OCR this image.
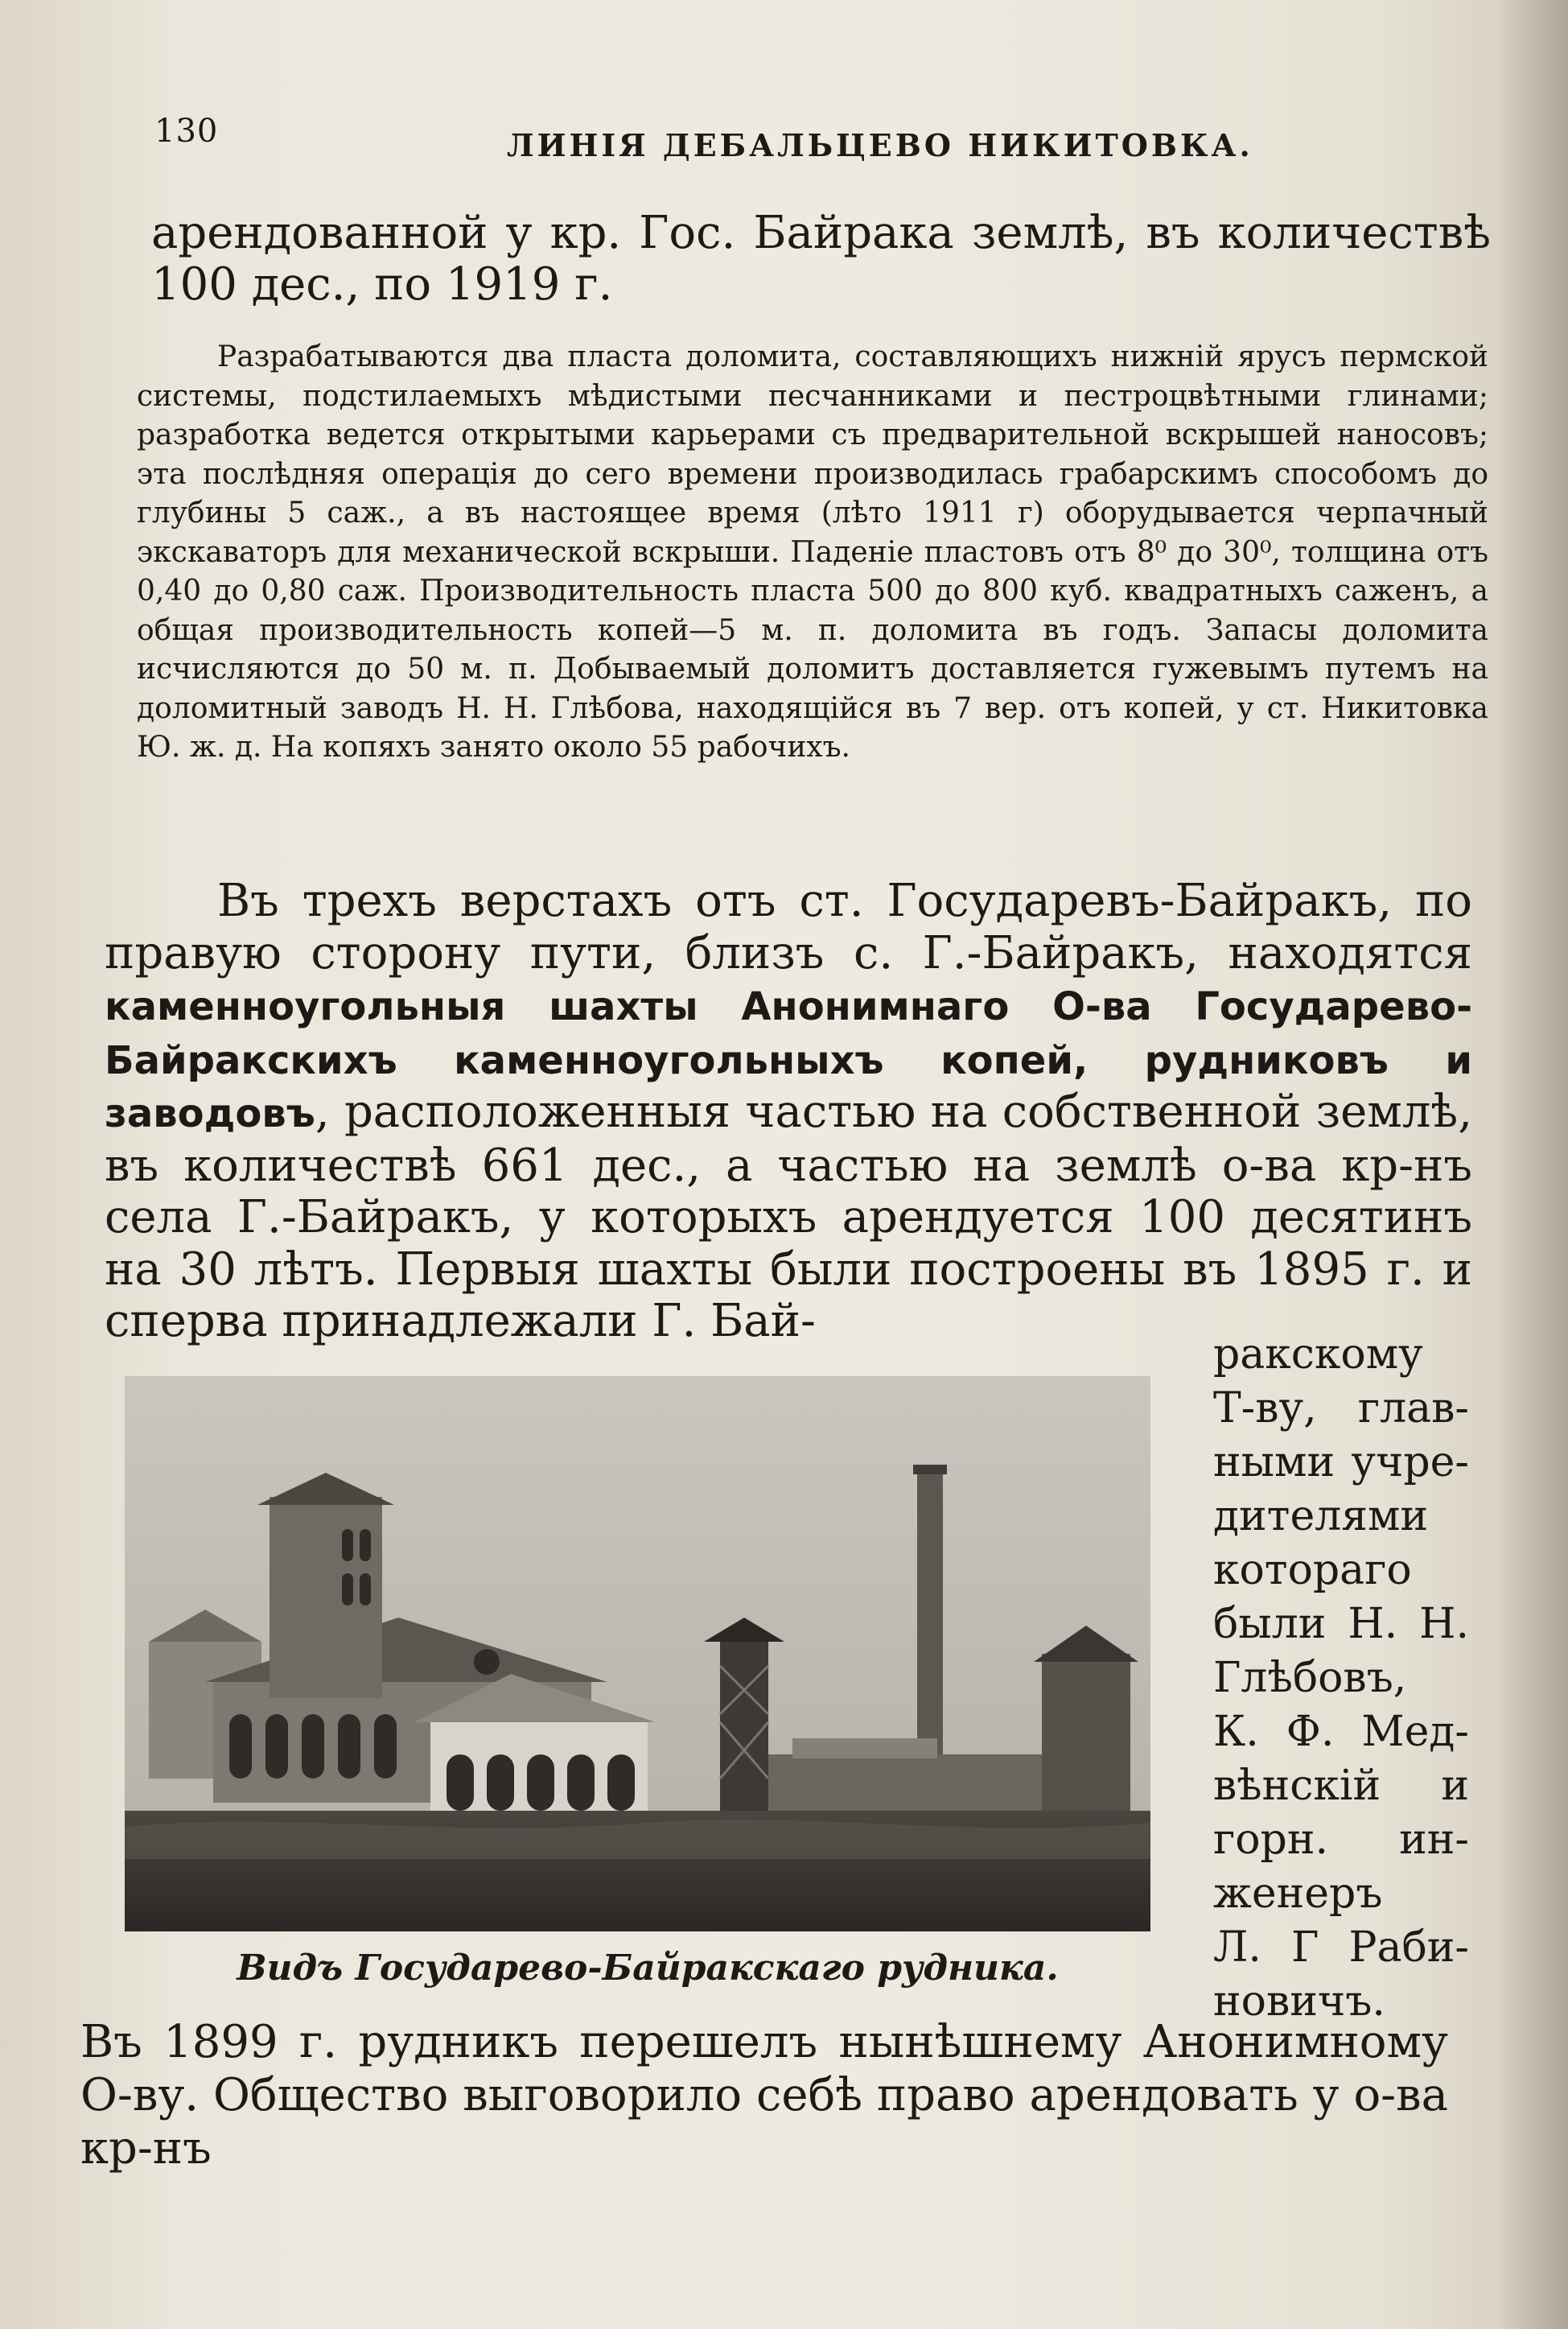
130	ЛИНІЯ ДЕБАЛЬЦЕВО НИКИТОВКА.

арендованной у кр. Гос. Байрака землѣ, въ количествѣ 100 дес., по 1919 г.

Разрабатываются два пласта доломита, составляющихъ нижній ярусъ пермской системы, подстилаемыхъ мѣдистыми песчанниками и пестроцвѣтными глинами; разработка ведется открытыми карьерами съ предварительной вскрышей наносовъ; эта послѣдняя операція до сего времени производилась грабарскимъ способомъ до глубины 5 саж., а въ настоящее время (лѣто 1911 г) оборудывается черпачный экскаваторъ для механической вскрыши. Паденіе пластовъ отъ 8⁰ до 30⁰, толщина отъ 0,40 до 0,80 саж. Производительность пласта 500 до 800 куб. квадратныхъ саженъ, а общая производительность копей—5 м. п. доломита въ годъ. Запасы доломита исчисляются до 50 м. п. Добываемый доломитъ доставляется гужевымъ путемъ на доломитный заводъ Н. Н. Глѣбова, находящійся въ 7 вер. отъ копей, у ст. Никитовка Ю. ж. д. На копяхъ занято около 55 рабочихъ.

Въ трехъ верстахъ отъ ст. Государевъ-Байракъ, по правую сторону пути, близъ с. Г.-Байракъ, находятся каменноугольныя шахты Анонимнаго О-ва Государево-Байракскихъ каменноугольныхъ копей, рудниковъ и заводовъ, расположенныя частью на собственной землѣ, въ количествѣ 661 дес., а частью на землѣ о-ва кр-нъ села Г.-Байракъ, у которыхъ арендуется 100 десятинъ на 30 лѣтъ. Первыя шахты были построены въ 1895 г. и сперва принадлежали Г. Бай-

Видъ Государево-Байракскаго рудника.
ракскому
Т-ву, глав-
ными учре-
дителями
котораго
были Н. Н.
Глѣбовъ,
К. Ф. Мед-
вѣнскій и
горн. ин-
женеръ
Л. Г Раби-
новичъ.

Въ 1899 г. рудникъ перешелъ нынѣшнему Анонимному О-ву. Общество выговорило себѣ право арендовать у о-ва кр-нъ
